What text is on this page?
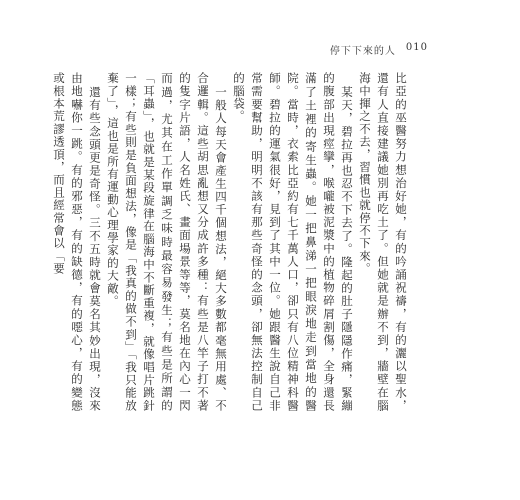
停下下來的人 010

比亞的巫醫努力想治好她，有的吟誦祝禱，有的灑以聖水，還有人直接建議她別再吃土了。但她就是辦不到，牆壁在腦海中揮之不去，習慣也就停不下來。

某天，碧拉再也忍不下去了。隆起的肚子隱隱作痛，緊繃的腹部出現痙攣，喉嚨被泥漿中的植物碎屑割傷，全身還長滿了土裡的寄生蟲。她一把鼻涕一把眼淚地走到當地的醫院。當時，衣索比亞約有七千萬人口，卻只有八位精神科醫師。碧拉的運氣很好，見到了其中一位。她跟醫生說自己非常需要幫助，明明不該有那些奇怪的念頭，卻無法控制自己的腦袋。

一般人每天會產生四千個想法，絕大多數都毫無用處、不合邏輯。這些胡思亂想又分成許多種：有些是八竿子打不著的隻字片語，人名姓氏、畫面場景等等，莫名地在內心一閃而過，尤其在工作單調乏味時最容易發生；有些是所謂的「耳蟲」，也就是某段旋律在腦海中不斷重複，就像唱片跳針一樣；有些則是負面想法，像是「我真的做不到」「我只能放棄了」，這也是所有運動心理學家的大敵。

還有些念頭更是奇怪。三不五時就會莫名其妙出現，沒來由地嚇你一跳。有的邪惡，有的缺德，有的噁心，有的變態或根本荒謬透頂，而且經常會以「要
